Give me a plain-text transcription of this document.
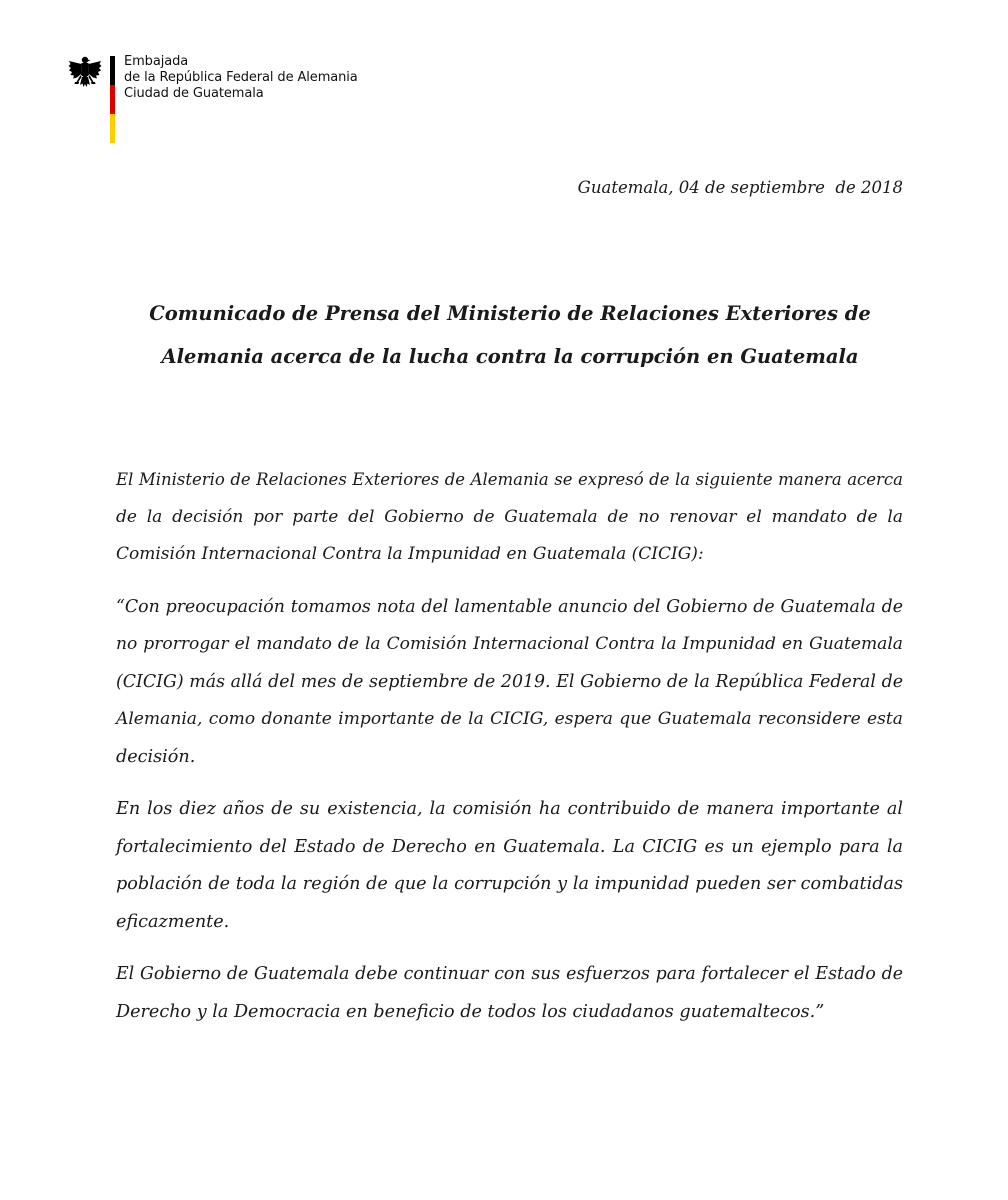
Embajada
de la República Federal de Alemania
Ciudad de Guatemala
Guatemala, 04 de septiembre  de 2018
Comunicado de Prensa del Ministerio de Relaciones Exteriores de
Alemania acerca de la lucha contra la corrupción en Guatemala
El Ministerio de Relaciones Exteriores de Alemania se expresó de la siguiente manera acerca
de la decisión por parte del Gobierno de Guatemala de no renovar el mandato de la
Comisión Internacional Contra la Impunidad en Guatemala (CICIG):
“Con preocupación tomamos nota del lamentable anuncio del Gobierno de Guatemala de
no prorrogar el mandato de la Comisión Internacional Contra la Impunidad en Guatemala
(CICIG) más allá del mes de septiembre de 2019. El Gobierno de la República Federal de
Alemania, como donante importante de la CICIG, espera que Guatemala reconsidere esta
decisión.
En los diez años de su existencia, la comisión ha contribuido de manera importante al
fortalecimiento del Estado de Derecho en Guatemala. La CICIG es un ejemplo para la
población de toda la región de que la corrupción y la impunidad pueden ser combatidas
eficazmente.
El Gobierno de Guatemala debe continuar con sus esfuerzos para fortalecer el Estado de
Derecho y la Democracia en beneficio de todos los ciudadanos guatemaltecos.”
